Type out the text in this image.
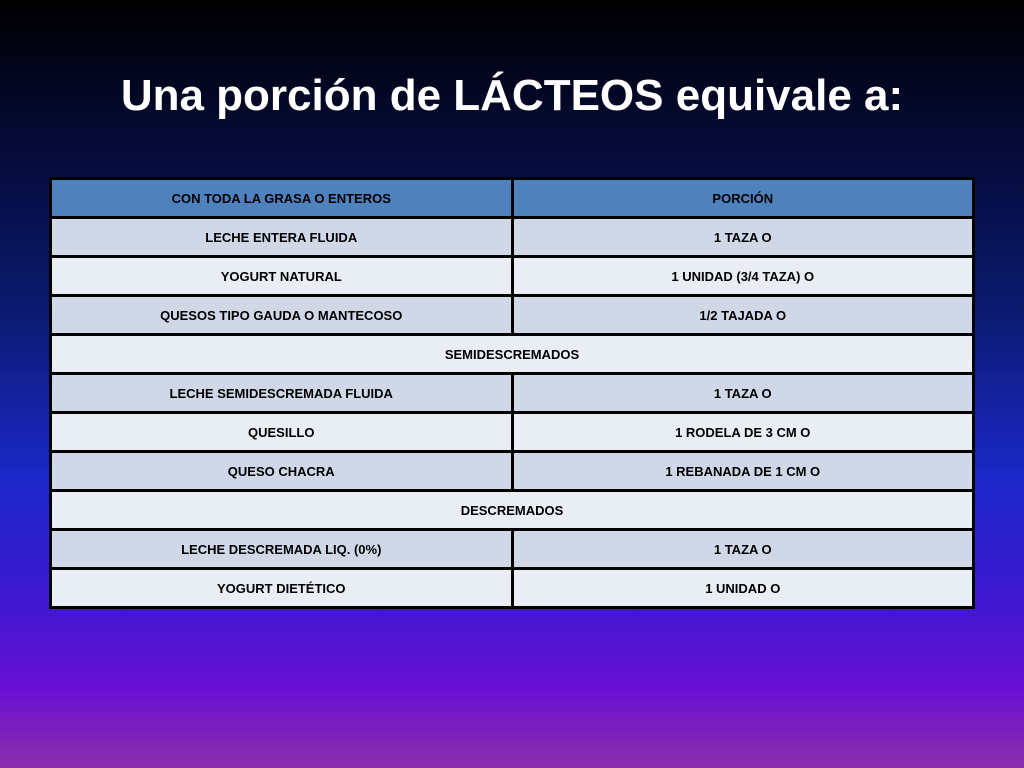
Una porción de LÁCTEOS equivale a:
CON TODA LA GRASA O ENTEROS	PORCIÓN
LECHE ENTERA FLUIDA	1 TAZA O
YOGURT NATURAL	1 UNIDAD (3/4 TAZA) O
QUESOS TIPO GAUDA O MANTECOSO	1/2 TAJADA O
SEMIDESCREMADOS	
LECHE SEMIDESCREMADA FLUIDA	1 TAZA O
QUESILLO	1 RODELA DE 3 CM O
QUESO CHACRA	1 REBANADA DE 1 CM O
DESCREMADOS	
LECHE DESCREMADA LIQ. (0%)	1 TAZA O
YOGURT DIETÉTICO	1 UNIDAD O
